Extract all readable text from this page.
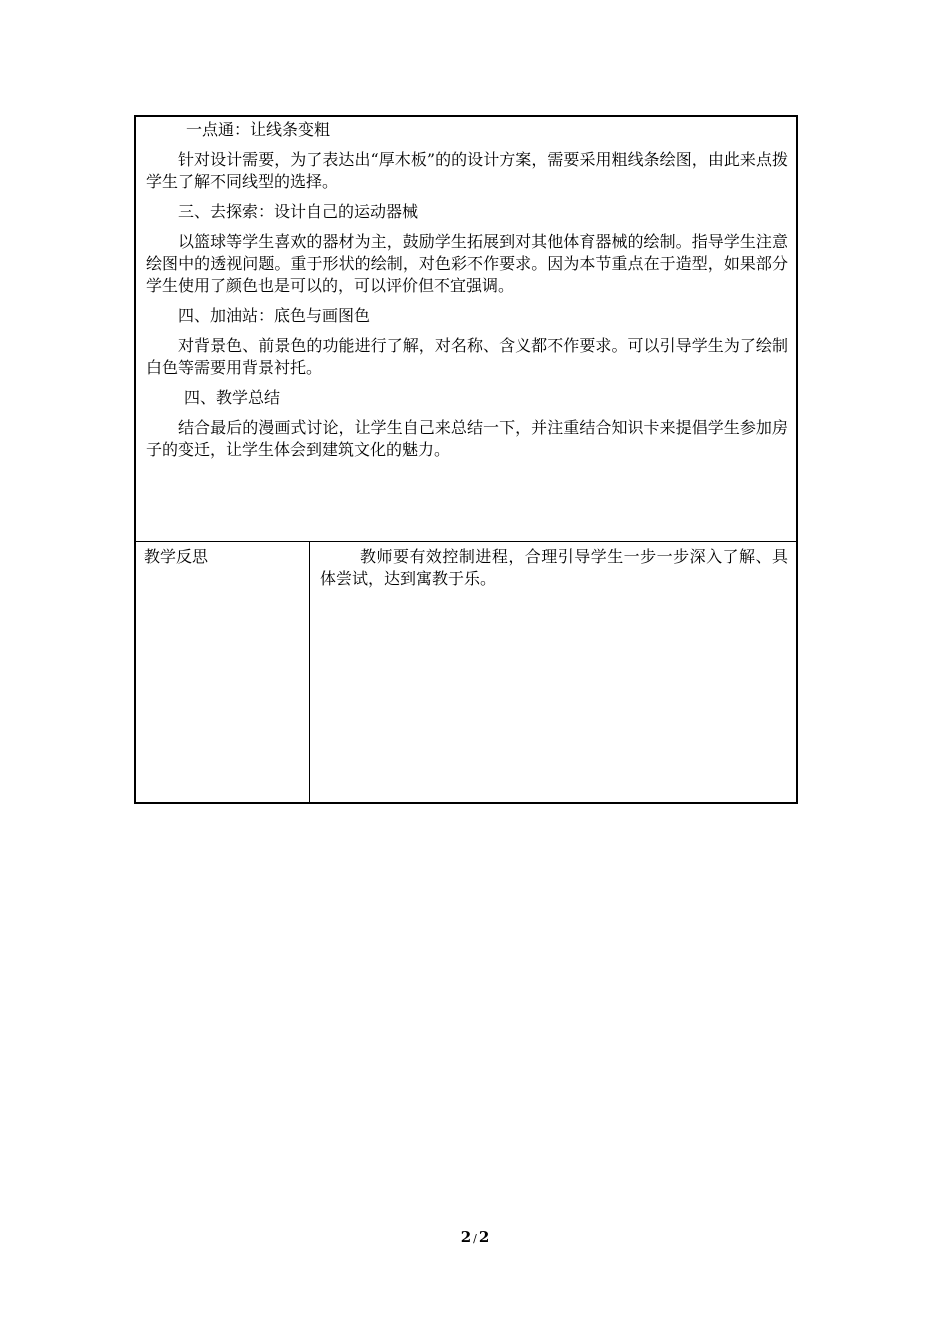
一点通：让线条变粗

针对设计需要，为了表达出“厚木板”的的设计方案，需要采用粗线条绘图，由此来点拨学生了解不同线型的选择。

三、去探索：设计自己的运动器械

以篮球等学生喜欢的器材为主，鼓励学生拓展到对其他体育器械的绘制。指导学生注意绘图中的透视问题。重于形状的绘制，对色彩不作要求。因为本节重点在于造型，如果部分学生使用了颜色也是可以的，可以评价但不宜强调。

四、加油站：底色与画图色

对背景色、前景色的功能进行了解，对名称、含义都不作要求。可以引导学生为了绘制白色等需要用背景衬托。

四、教学总结

结合最后的漫画式讨论，让学生自己来总结一下，并注重结合知识卡来提倡学生参加房子的变迁，让学生体会到建筑文化的魅力。

教学反思	教师要有效控制进程，合理引导学生一步一步深入了解、具体尝试，达到寓教于乐。
2 / 2
